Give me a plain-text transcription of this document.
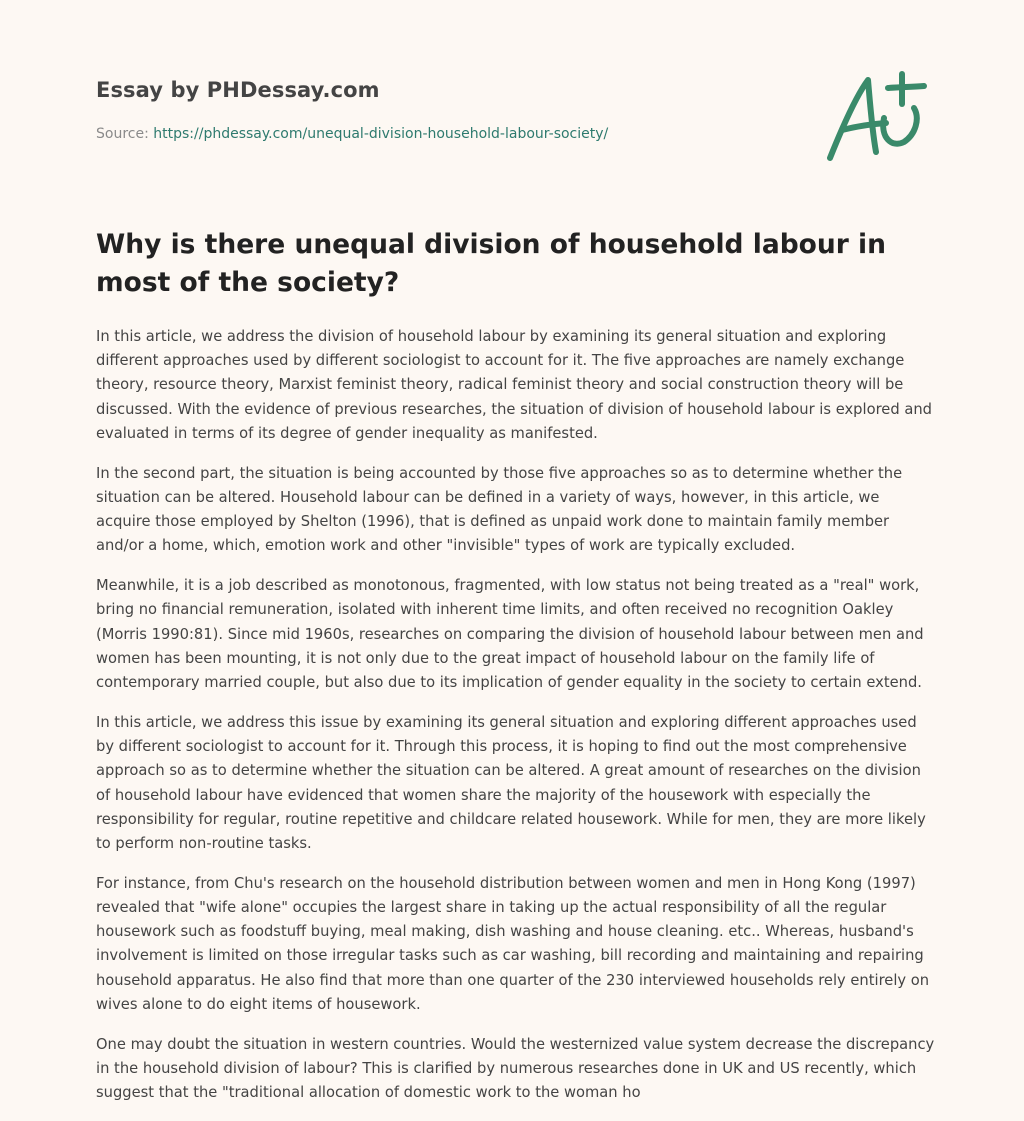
Essay by PHDessay.com
Source: https://phdessay.com/unequal-division-household-labour-society/
Why is there unequal division of household labour in most of the society?

In this article, we address the division of household labour by examining its general situation and exploring different approaches used by different sociologist to account for it. The five approaches are namely exchange theory, resource theory, Marxist feminist theory, radical feminist theory and social construction theory will be discussed. With the evidence of previous researches, the situation of division of household labour is explored and evaluated in terms of its degree of gender inequality as manifested.

In the second part, the situation is being accounted by those five approaches so as to determine whether the situation can be altered. Household labour can be defined in a variety of ways, however, in this article, we acquire those employed by Shelton (1996), that is defined as unpaid work done to maintain family member and/or a home, which, emotion work and other "invisible" types of work are typically excluded.

Meanwhile, it is a job described as monotonous, fragmented, with low status not being treated as a "real" work, bring no financial remuneration, isolated with inherent time limits, and often received no recognition Oakley (Morris 1990:81). Since mid 1960s, researches on comparing the division of household labour between men and women has been mounting, it is not only due to the great impact of household labour on the family life of contemporary married couple, but also due to its implication of gender equality in the society to certain extend.

In this article, we address this issue by examining its general situation and exploring different approaches used by different sociologist to account for it. Through this process, it is hoping to find out the most comprehensive approach so as to determine whether the situation can be altered. A great amount of researches on the division of household labour have evidenced that women share the majority of the housework with especially the responsibility for regular, routine repetitive and childcare related housework. While for men, they are more likely to perform non-routine tasks.

For instance, from Chu's research on the household distribution between women and men in Hong Kong (1997) revealed that "wife alone" occupies the largest share in taking up the actual responsibility of all the regular housework such as foodstuff buying, meal making, dish washing and house cleaning. etc.. Whereas, husband's involvement is limited on those irregular tasks such as car washing, bill recording and maintaining and repairing household apparatus. He also find that more than one quarter of the 230 interviewed households rely entirely on wives alone to do eight items of housework.

One may doubt the situation in western countries. Would the westernized value system decrease the discrepancy in the household division of labour? This is clarified by numerous researches done in UK and US recently, which suggest that the "traditional allocation of domestic work to the woman ho
